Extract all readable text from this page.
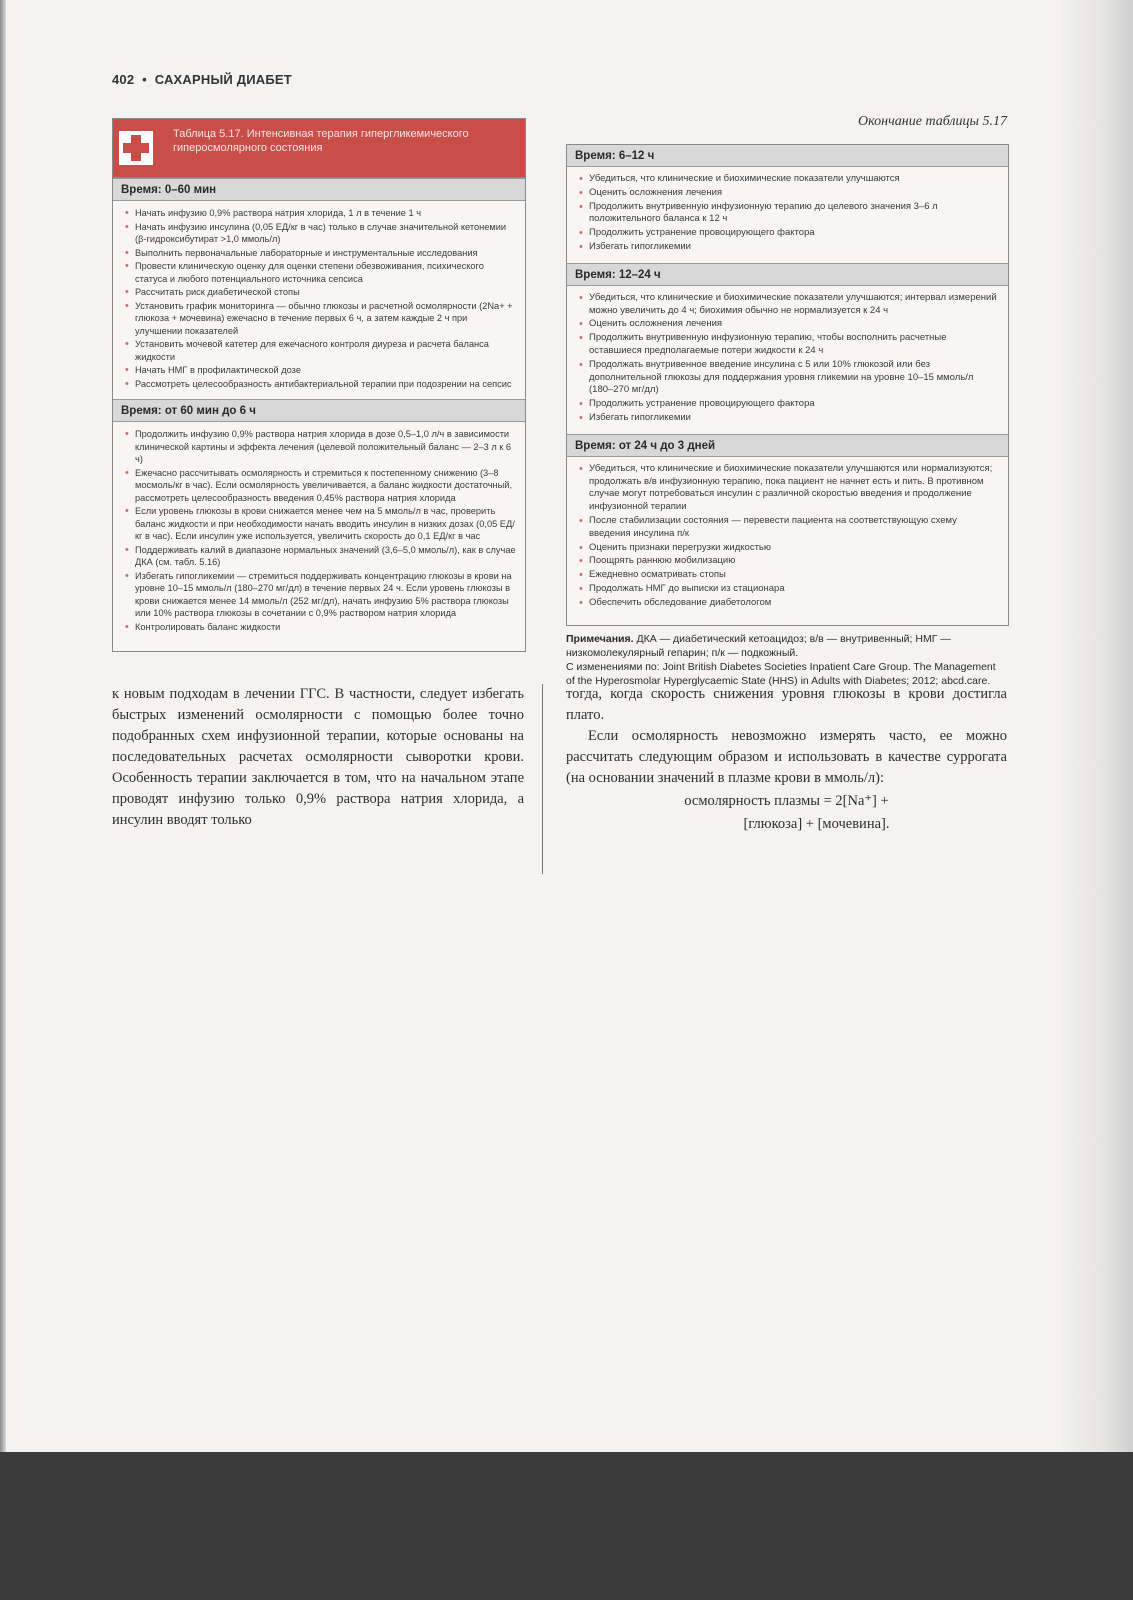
402 • САХАРНЫЙ ДИАБЕТ
Окончание таблицы 5.17
Таблица 5.17. Интенсивная терапия гипергликемического гиперосмолярного состояния
Время: 0–60 мин
• Начать инфузию 0,9% раствора натрия хлорида, 1 л в течение 1 ч
• Начать инфузию инсулина (0,05 ЕД/кг в час) только в случае значительной кетонемии (β-гидроксибутират >1,0 ммоль/л)
• Выполнить первоначальные лабораторные и инструментальные исследования
• Провести клиническую оценку для оценки степени обезвоживания, психического статуса и любого потенциального источника сепсиса
• Рассчитать риск диабетической стопы
• Установить график мониторинга — обычно глюкозы и расчетной осмолярности (2Na+ + глюкоза + мочевина) ежечасно в течение первых 6 ч, а затем каждые 2 ч при улучшении показателей
• Установить мочевой катетер для ежечасного контроля диуреза и расчета баланса жидкости
• Начать НМГ в профилактической дозе
• Рассмотреть целесообразность антибактериальной терапии при подозрении на сепсис
Время: от 60 мин до 6 ч
• Продолжить инфузию 0,9% раствора натрия хлорида в дозе 0,5–1,0 л/ч в зависимости клинической картины и эффекта лечения (целевой положительный баланс — 2–3 л к 6 ч)
• Ежечасно рассчитывать осмолярность и стремиться к постепенному снижению (3–8 мосмоль/кг в час). Если осмолярность увеличивается, а баланс жидкости достаточный, рассмотреть целесообразность введения 0,45% раствора натрия хлорида
• Если уровень глюкозы в крови снижается менее чем на 5 ммоль/л в час, проверить баланс жидкости и при необходимости начать вводить инсулин в низких дозах (0,05 ЕД/кг в час). Если инсулин уже используется, увеличить скорость до 0,1 ЕД/кг в час
• Поддерживать калий в диапазоне нормальных значений (3,6–5,0 ммоль/л), как в случае ДКА (см. табл. 5.16)
• Избегать гипогликемии — стремиться поддерживать концентрацию глюкозы в крови на уровне 10–15 ммоль/л (180–270 мг/дл) в течение первых 24 ч. Если уровень глюкозы в крови снижается менее 14 ммоль/л (252 мг/дл), начать инфузию 5% раствора глюкозы или 10% раствора глюкозы в сочетании с 0,9% раствором натрия хлорида
• Контролировать баланс жидкости
Время: 6–12 ч
• Убедиться, что клинические и биохимические показатели улучшаются
• Оценить осложнения лечения
• Продолжить внутривенную инфузионную терапию до целевого значения 3–6 л положительного баланса к 12 ч
• Продолжить устранение провоцирующего фактора
• Избегать гипогликемии
Время: 12–24 ч
• Убедиться, что клинические и биохимические показатели улучшаются; интервал измерений можно увеличить до 4 ч; биохимия обычно не нормализуется к 24 ч
• Оценить осложнения лечения
• Продолжить внутривенную инфузионную терапию, чтобы восполнить расчетные оставшиеся предполагаемые потери жидкости к 24 ч
• Продолжать внутривенное введение инсулина с 5 или 10% глюкозой или без дополнительной глюкозы для поддержания уровня гликемии на уровне 10–15 ммоль/л (180–270 мг/дл)
• Продолжить устранение провоцирующего фактора
• Избегать гипогликемии
Время: от 24 ч до 3 дней
• Убедиться, что клинические и биохимические показатели улучшаются или нормализуются; продолжать в/в инфузионную терапию, пока пациент не начнет есть и пить. В противном случае могут потребоваться инсулин с различной скоростью введения и продолжение инфузионной терапии
• После стабилизации состояния — перевести пациента на соответствующую схему введения инсулина п/к
• Оценить признаки перегрузки жидкостью
• Поощрять раннюю мобилизацию
• Ежедневно осматривать стопы
• Продолжать НМГ до выписки из стационара
• Обеспечить обследование диабетологом

Примечания. ДКА — диабетический кетоацидоз; в/в — внутривенный; НМГ — низкомолекулярный гепарин; п/к — подкожный.

С изменениями по: Joint British Diabetes Societies Inpatient Care Group. The Management of the Hyperosmolar Hyperglycaemic State (HHS) in Adults with Diabetes; 2012; abcd.care.

к новым подходам в лечении ГГС. В частности, следует избегать быстрых изменений осмолярности с помощью более точно подобранных схем инфузионной терапии, которые основаны на последовательных расчетах осмолярности сыворотки крови. Особенность терапии заключается в том, что на начальном этапе проводят инфузию только 0,9% раствора натрия хлорида, а инсулин вводят только

тогда, когда скорость снижения уровня глюкозы в крови достигла плато.

Если осмолярность невозможно измерять часто, ее можно рассчитать следующим образом и использовать в качестве суррогата (на основании значений в плазме крови в ммоль/л):

осмолярность плазмы = 2[Na⁺] +
[глюкоза] + [мочевина].
